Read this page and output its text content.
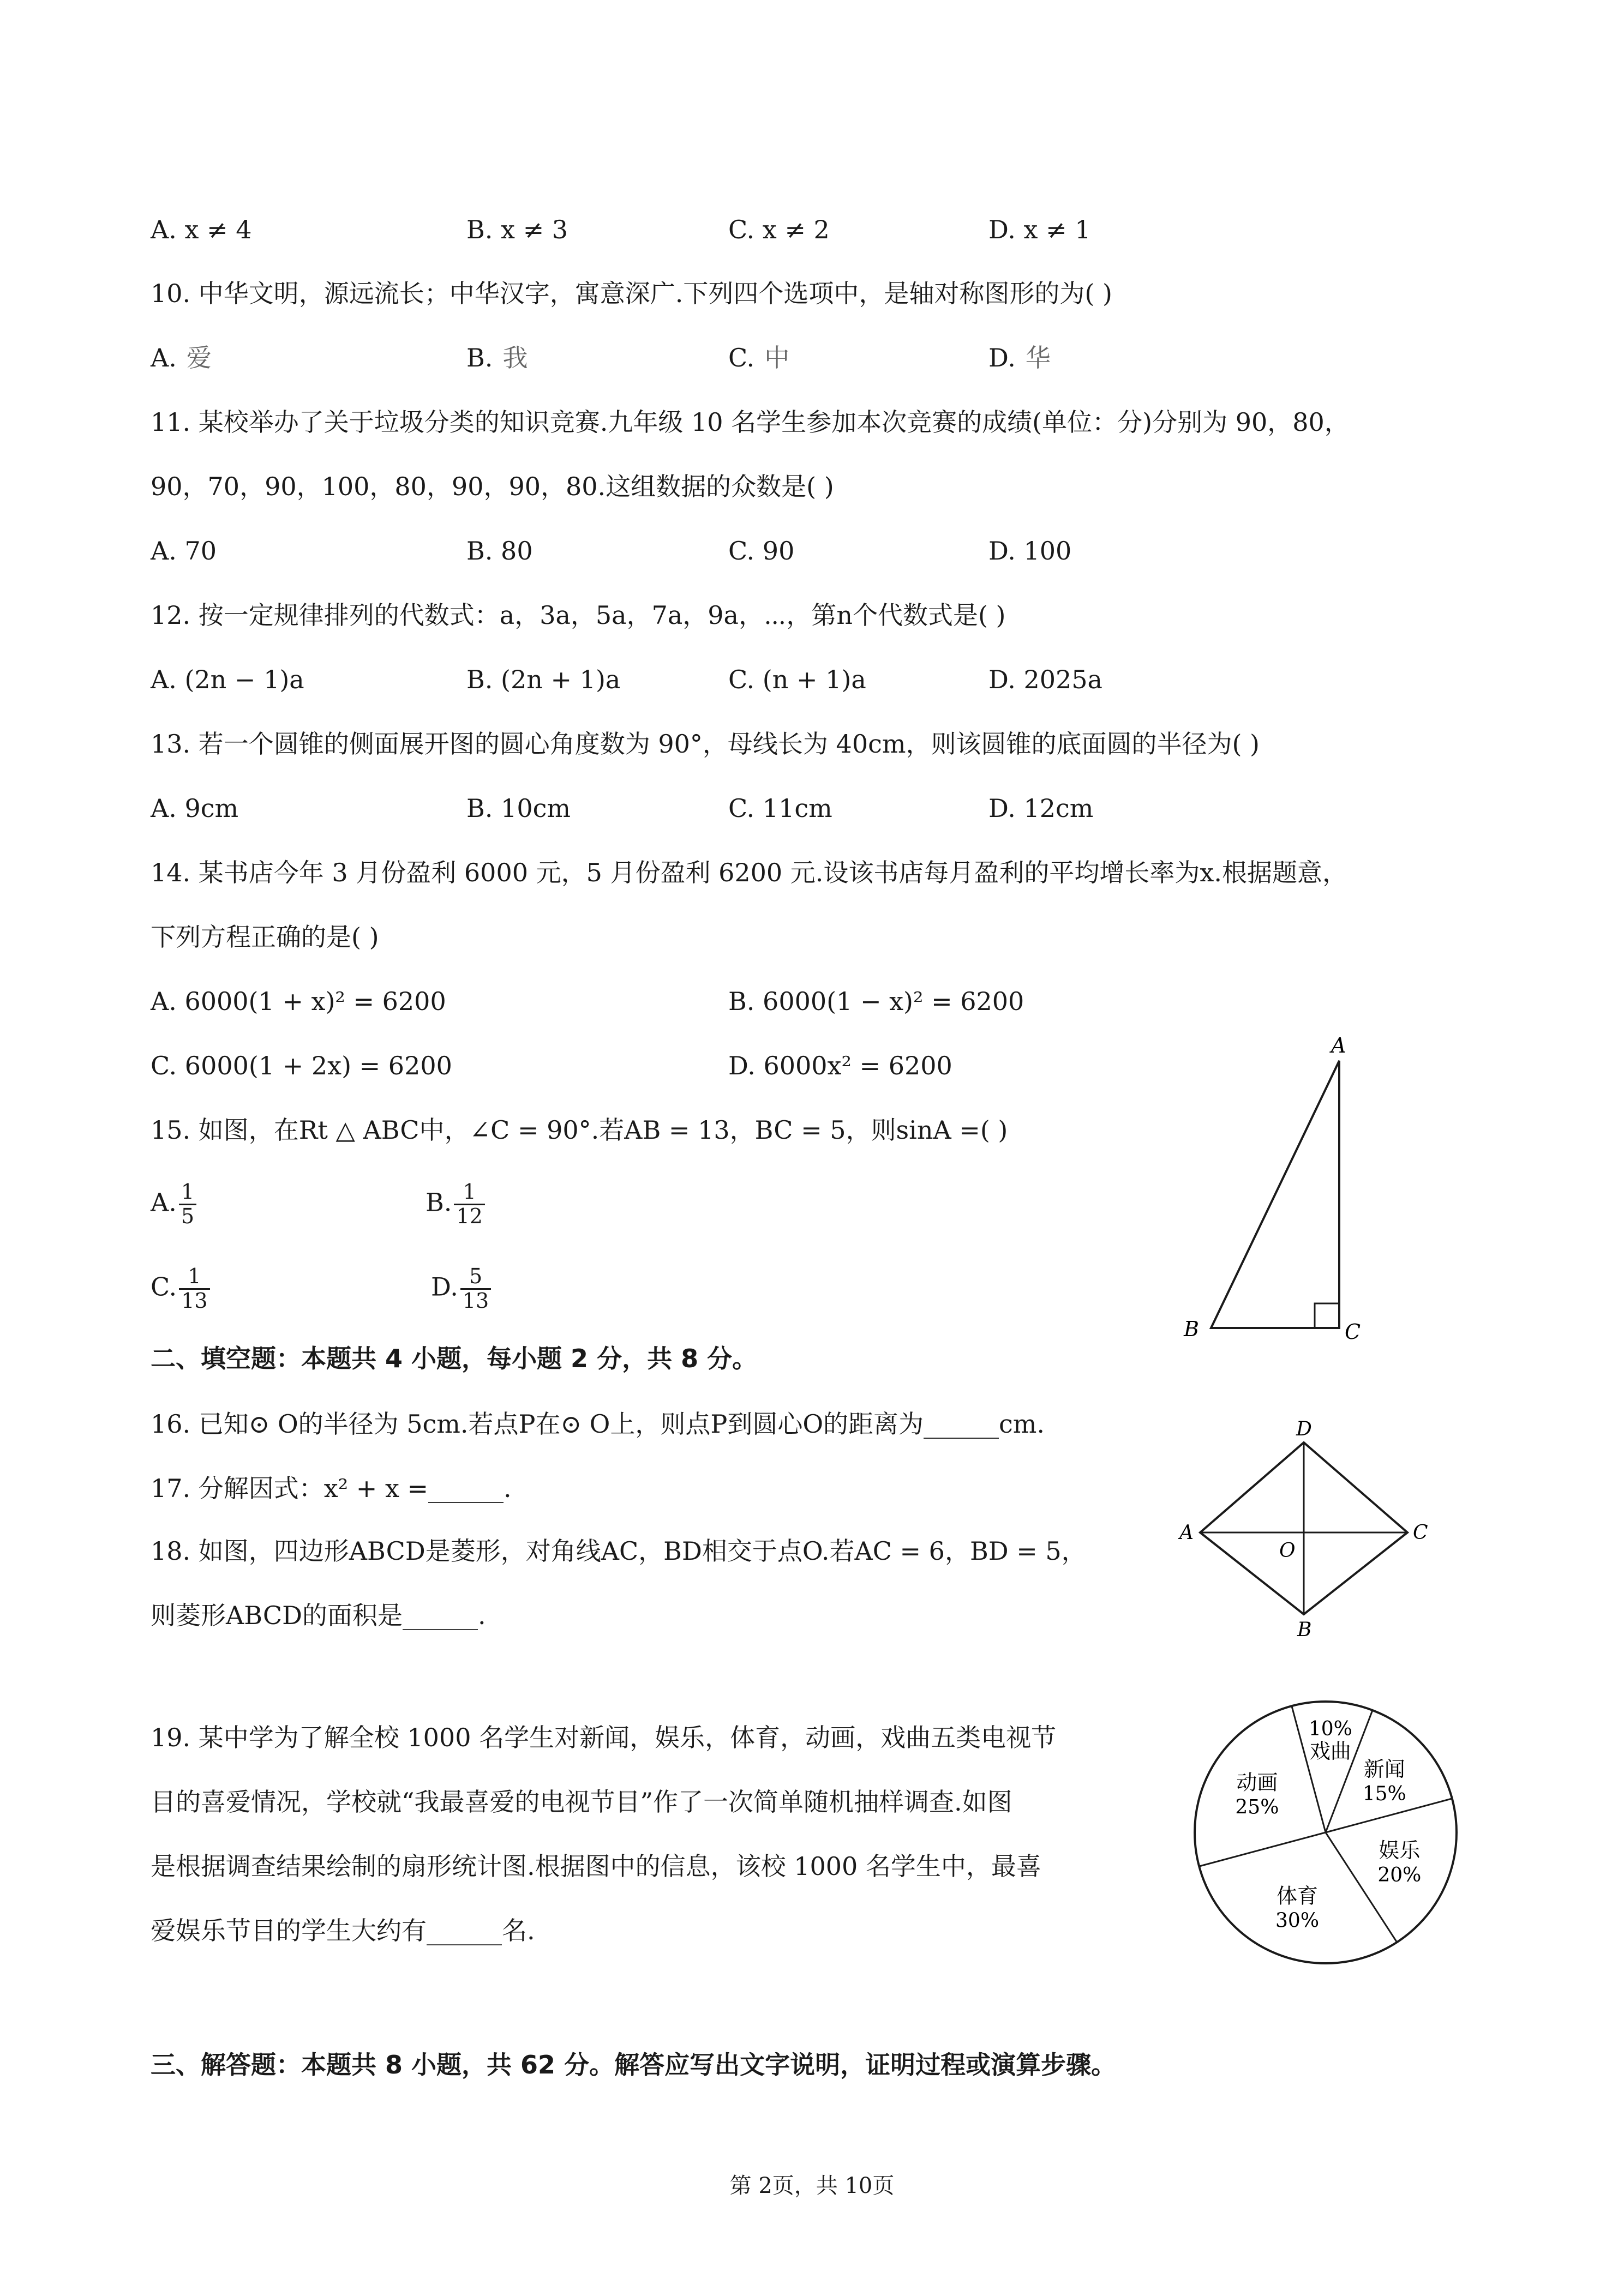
A. x ≠ 4	B. x ≠ 3	C. x ≠ 2	D. x ≠ 1
10. 中华文明，源远流长；中华汉字，寓意深广.下列四个选项中，是轴对称图形的为( )
A. 爱	B. 我	C. 中	D. 华
11. 某校举办了关于垃圾分类的知识竞赛.九年级 10 名学生参加本次竞赛的成绩(单位：分)分别为 90，80，
90，70，90，100，80，90，90，80.这组数据的众数是( )
A. 70	B. 80	C. 90	D. 100
12. 按一定规律排列的代数式：a，3a，5a，7a，9a，⋯，第n个代数式是( )
A. (2n − 1)a	B. (2n + 1)a	C. (n + 1)a	D. 2025a
13. 若一个圆锥的侧面展开图的圆心角度数为 90°，母线长为 40cm，则该圆锥的底面圆的半径为( )
A. 9cm	B. 10cm	C. 11cm	D. 12cm
14. 某书店今年 3 月份盈利 6000 元，5 月份盈利 6200 元.设该书店每月盈利的平均增长率为x.根据题意，
下列方程正确的是( )
A. 6000(1 + x)² = 6200	B. 6000(1 − x)² = 6200
C. 6000(1 + 2x) = 6200	D. 6000x² = 6200
15. 如图，在Rt △ ABC中，∠C = 90°.若AB = 13，BC = 5，则sinA =( )
A. $\frac{1}{5}$	B. $\frac{1}{12}$
C. $\frac{1}{13}$	D. $\frac{5}{13}$
A
B	C
二、填空题：本题共 4 小题，每小题 2 分，共 8 分。
16. 已知⊙ O的半径为 5cm.若点P在⊙ O上，则点P到圆心O的距离为______cm.
17. 分解因式：x² + x =______.
18. 如图，四边形ABCD是菱形，对角线AC，BD相交于点O.若AC = 6，BD = 5，
则菱形ABCD的面积是______.
D
A
O
C
B
19. 某中学为了解全校 1000 名学生对新闻，娱乐，体育，动画，戏曲五类电视节
目的喜爱情况，学校就“我最喜爱的电视节目”作了一次简单随机抽样调查.如图
是根据调查结果绘制的扇形统计图.根据图中的信息，该校 1000 名学生中，最喜
爱娱乐节目的学生大约有______名.
戏曲
10%
新闻
15%
娱乐
20%
体育
30%
动画
25%
三、解答题：本题共 8 小题，共 62 分。解答应写出文字说明，证明过程或演算步骤。
第 2页，共 10页
